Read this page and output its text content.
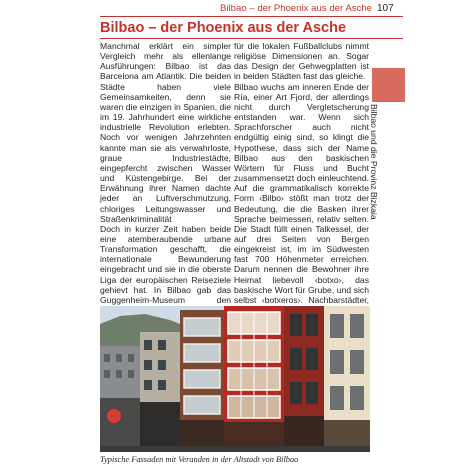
Bilbao – der Phoenix aus der Asche 107
Bilbao – der Phoenix aus der Asche

Manchmal erklärt ein simpler Vergleich mehr als ellenlange Ausführungen: Bilbao ist das Barcelona am Atlantik. Die beiden Städte haben viele Gemeinsamkeiten, denn sie waren die einzigen in Spanien, die im 19. Jahrhundert eine wirkliche industrielle Revolution erlebten. Noch vor wenigen Jahrzehnten kannte man sie als verwahrloste, graue Industriestädte, eingepfercht zwischen Wasser und Küstengebirge. Bei der Erwähnung ihrer Namen dachte jeder an Luftverschmutzung, chloriges Leitungswasser und Straßenkriminalität

Doch in kurzer Zeit haben beide eine atemberaubende urbane Transformation geschafft, die internationale Bewunderung eingebracht und sie in die oberste Liga der europäischen Reiseziele gehievt hat. In Bilbao gab das Guggenheim-Museum den

für die lokalen Fußballclubs nimmt religiöse Dimensionen an. Sogar das Design der Gehwegplatten ist in beiden Städten fast das gleiche.

Bilbao wuchs am inneren Ende der Ría, einer Art Fjord, der allerdings nicht durch Vergletscherung entstanden war. Wenn sich Sprachforscher auch nicht endgültig einig sind, so klingt die Hypothese, dass sich der Name Bilbao aus den baskischen Wörtern für Fluss und Bucht zusammensetzt doch einleuchtend. Auf die grammatikalisch korrekte Form ‹Bilbo› stößt man trotz der Bedeutung, die die Basken ihrer Sprache beimessen, relativ selten. Die Stadt füllt einen Talkessel, der auf drei Seiten von Bergen eingekreist ist, im im Südwesten fast 700 Höhenmeter erreichen. Darum nennen die Bewohner ihre Heimat liebevoll ‹botxo›, das baskische Wort für Grube, und sich selbst ‹botxeros›. Nachbarstädter,

Bilbao und die Provinz Bizkaia
Typische Fassaden mit Veranden in der Altstadt von Bilbao
